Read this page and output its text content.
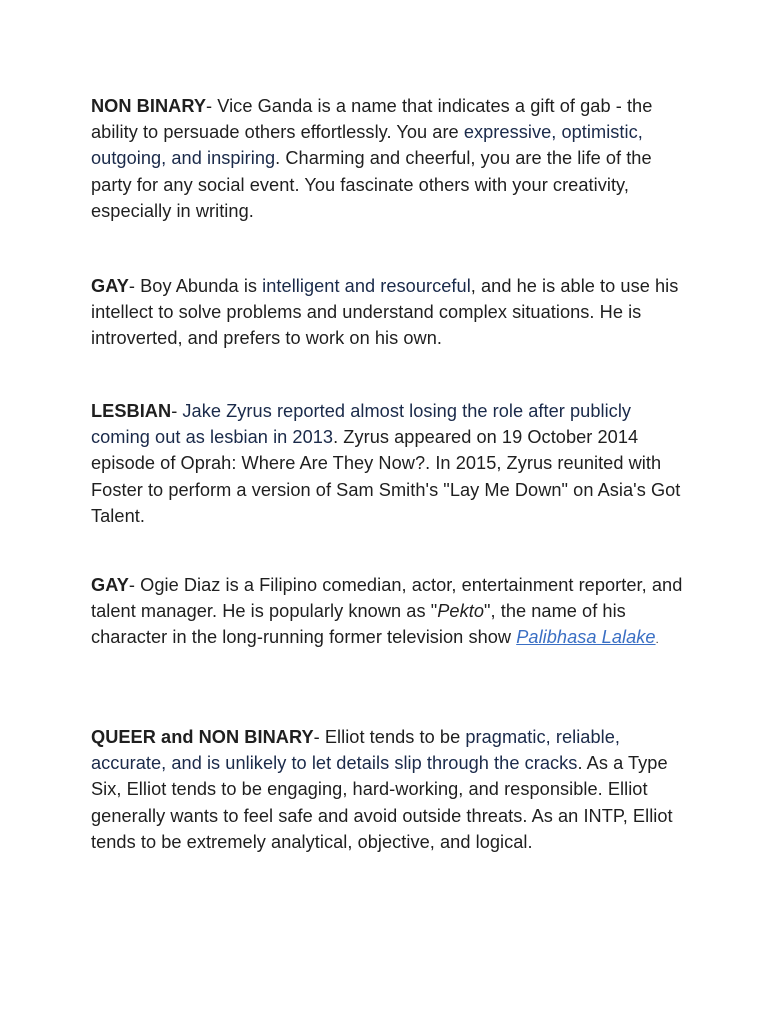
NON BINARY- Vice Ganda is a name that indicates a gift of gab - the ability to persuade others effortlessly. You are expressive, optimistic, outgoing, and inspiring. Charming and cheerful, you are the life of the party for any social event. You fascinate others with your creativity, especially in writing.

GAY- Boy Abunda is intelligent and resourceful, and he is able to use his intellect to solve problems and understand complex situations. He is introverted, and prefers to work on his own.

LESBIAN- Jake Zyrus reported almost losing the role after publicly coming out as lesbian in 2013. Zyrus appeared on 19 October 2014 episode of Oprah: Where Are They Now?. In 2015, Zyrus reunited with Foster to perform a version of Sam Smith's "Lay Me Down" on Asia's Got Talent.

GAY- Ogie Diaz is a Filipino comedian, actor, entertainment reporter, and talent manager. He is popularly known as "Pekto", the name of his character in the long-running former television show Palibhasa Lalake.

QUEER and NON BINARY- Elliot tends to be pragmatic, reliable, accurate, and is unlikely to let details slip through the cracks. As a Type Six, Elliot tends to be engaging, hard-working, and responsible. Elliot generally wants to feel safe and avoid outside threats. As an INTP, Elliot tends to be extremely analytical, objective, and logical.
